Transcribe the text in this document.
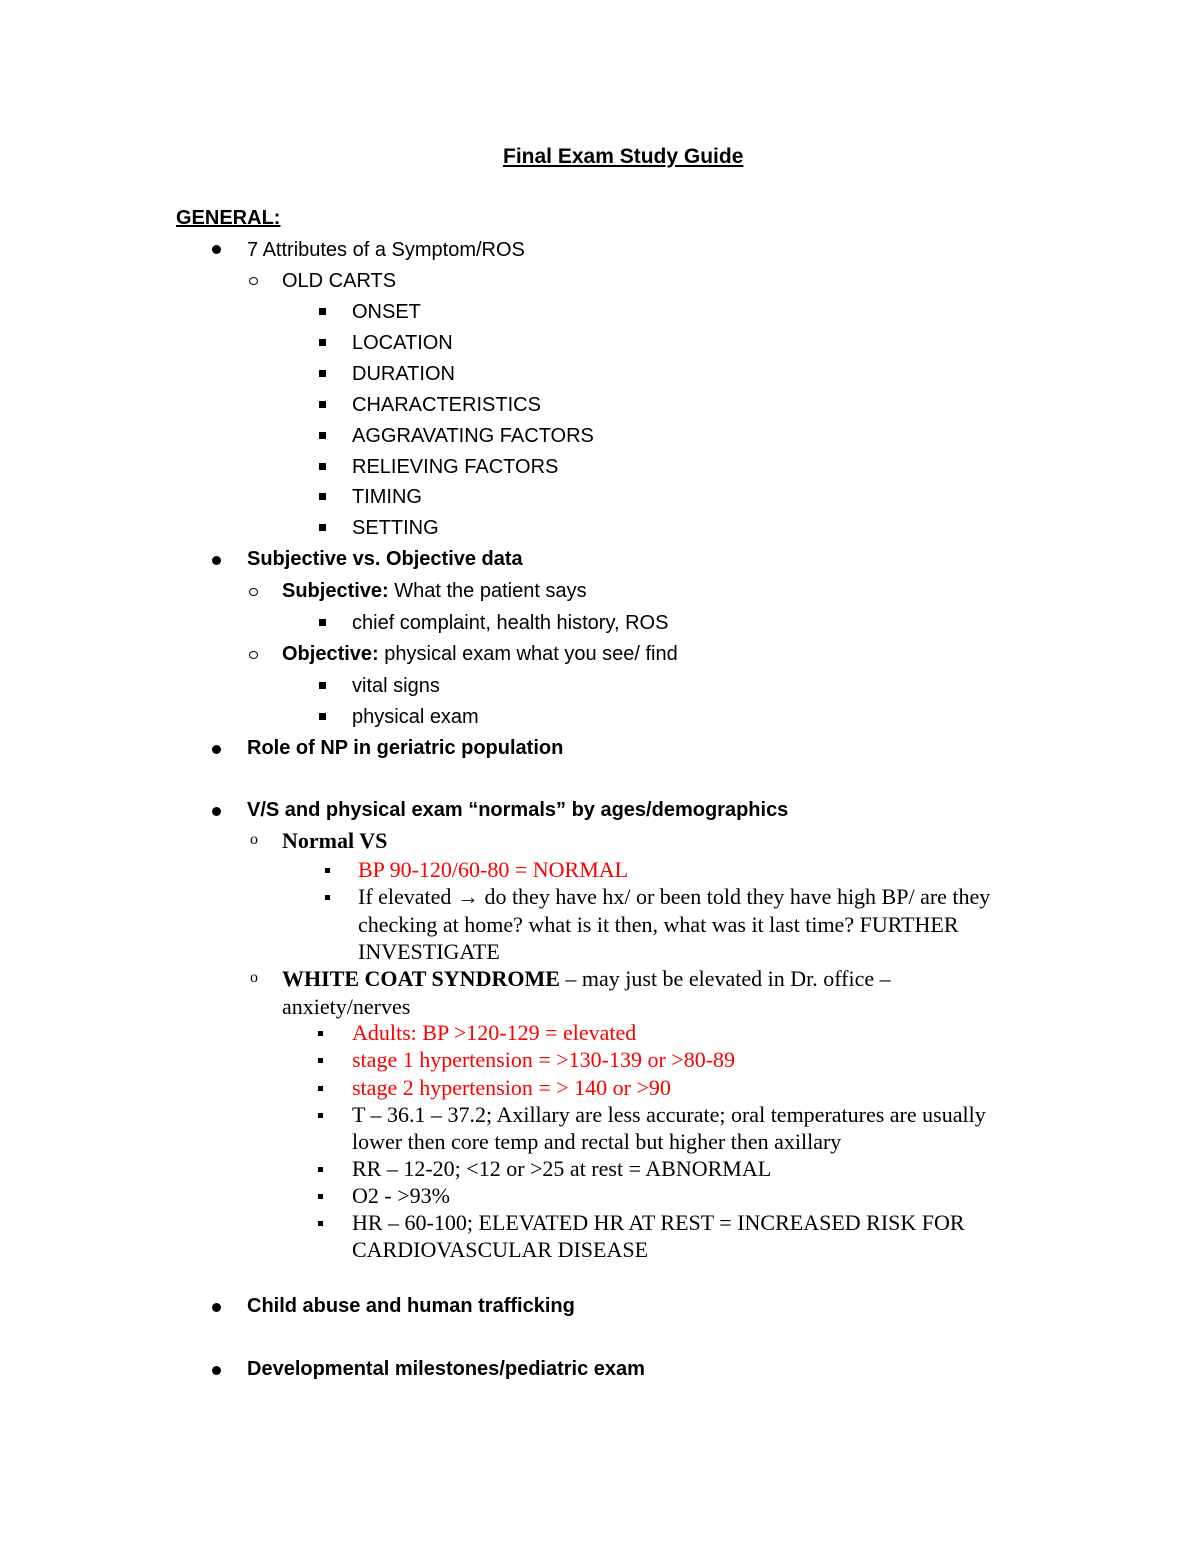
Final Exam Study Guide
GENERAL:
7 Attributes of a Symptom/ROS
OLD CARTS
ONSET
LOCATION
DURATION
CHARACTERISTICS
AGGRAVATING FACTORS
RELIEVING FACTORS
TIMING
SETTING
Subjective vs. Objective data
Subjective: What the patient says
chief complaint, health history, ROS
Objective: physical exam what you see/ find
vital signs
physical exam
Role of NP in geriatric population
V/S and physical exam “normals” by ages/demographics
o Normal VS
BP 90-120/60-80 = NORMAL
If elevated → do they have hx/ or been told they have high BP/ are they
checking at home? what is it then, what was it last time? FURTHER
INVESTIGATE
o WHITE COAT SYNDROME – may just be elevated in Dr. office –
anxiety/nerves
Adults: BP >120-129 = elevated
stage 1 hypertension = >130-139 or >80-89
stage 2 hypertension = > 140 or >90
T – 36.1 – 37.2; Axillary are less accurate; oral temperatures are usually
lower then core temp and rectal but higher then axillary
RR – 12-20; <12 or >25 at rest = ABNORMAL
O2 - >93%
HR – 60-100; ELEVATED HR AT REST = INCREASED RISK FOR
CARDIOVASCULAR DISEASE
Child abuse and human trafficking
Developmental milestones/pediatric exam
